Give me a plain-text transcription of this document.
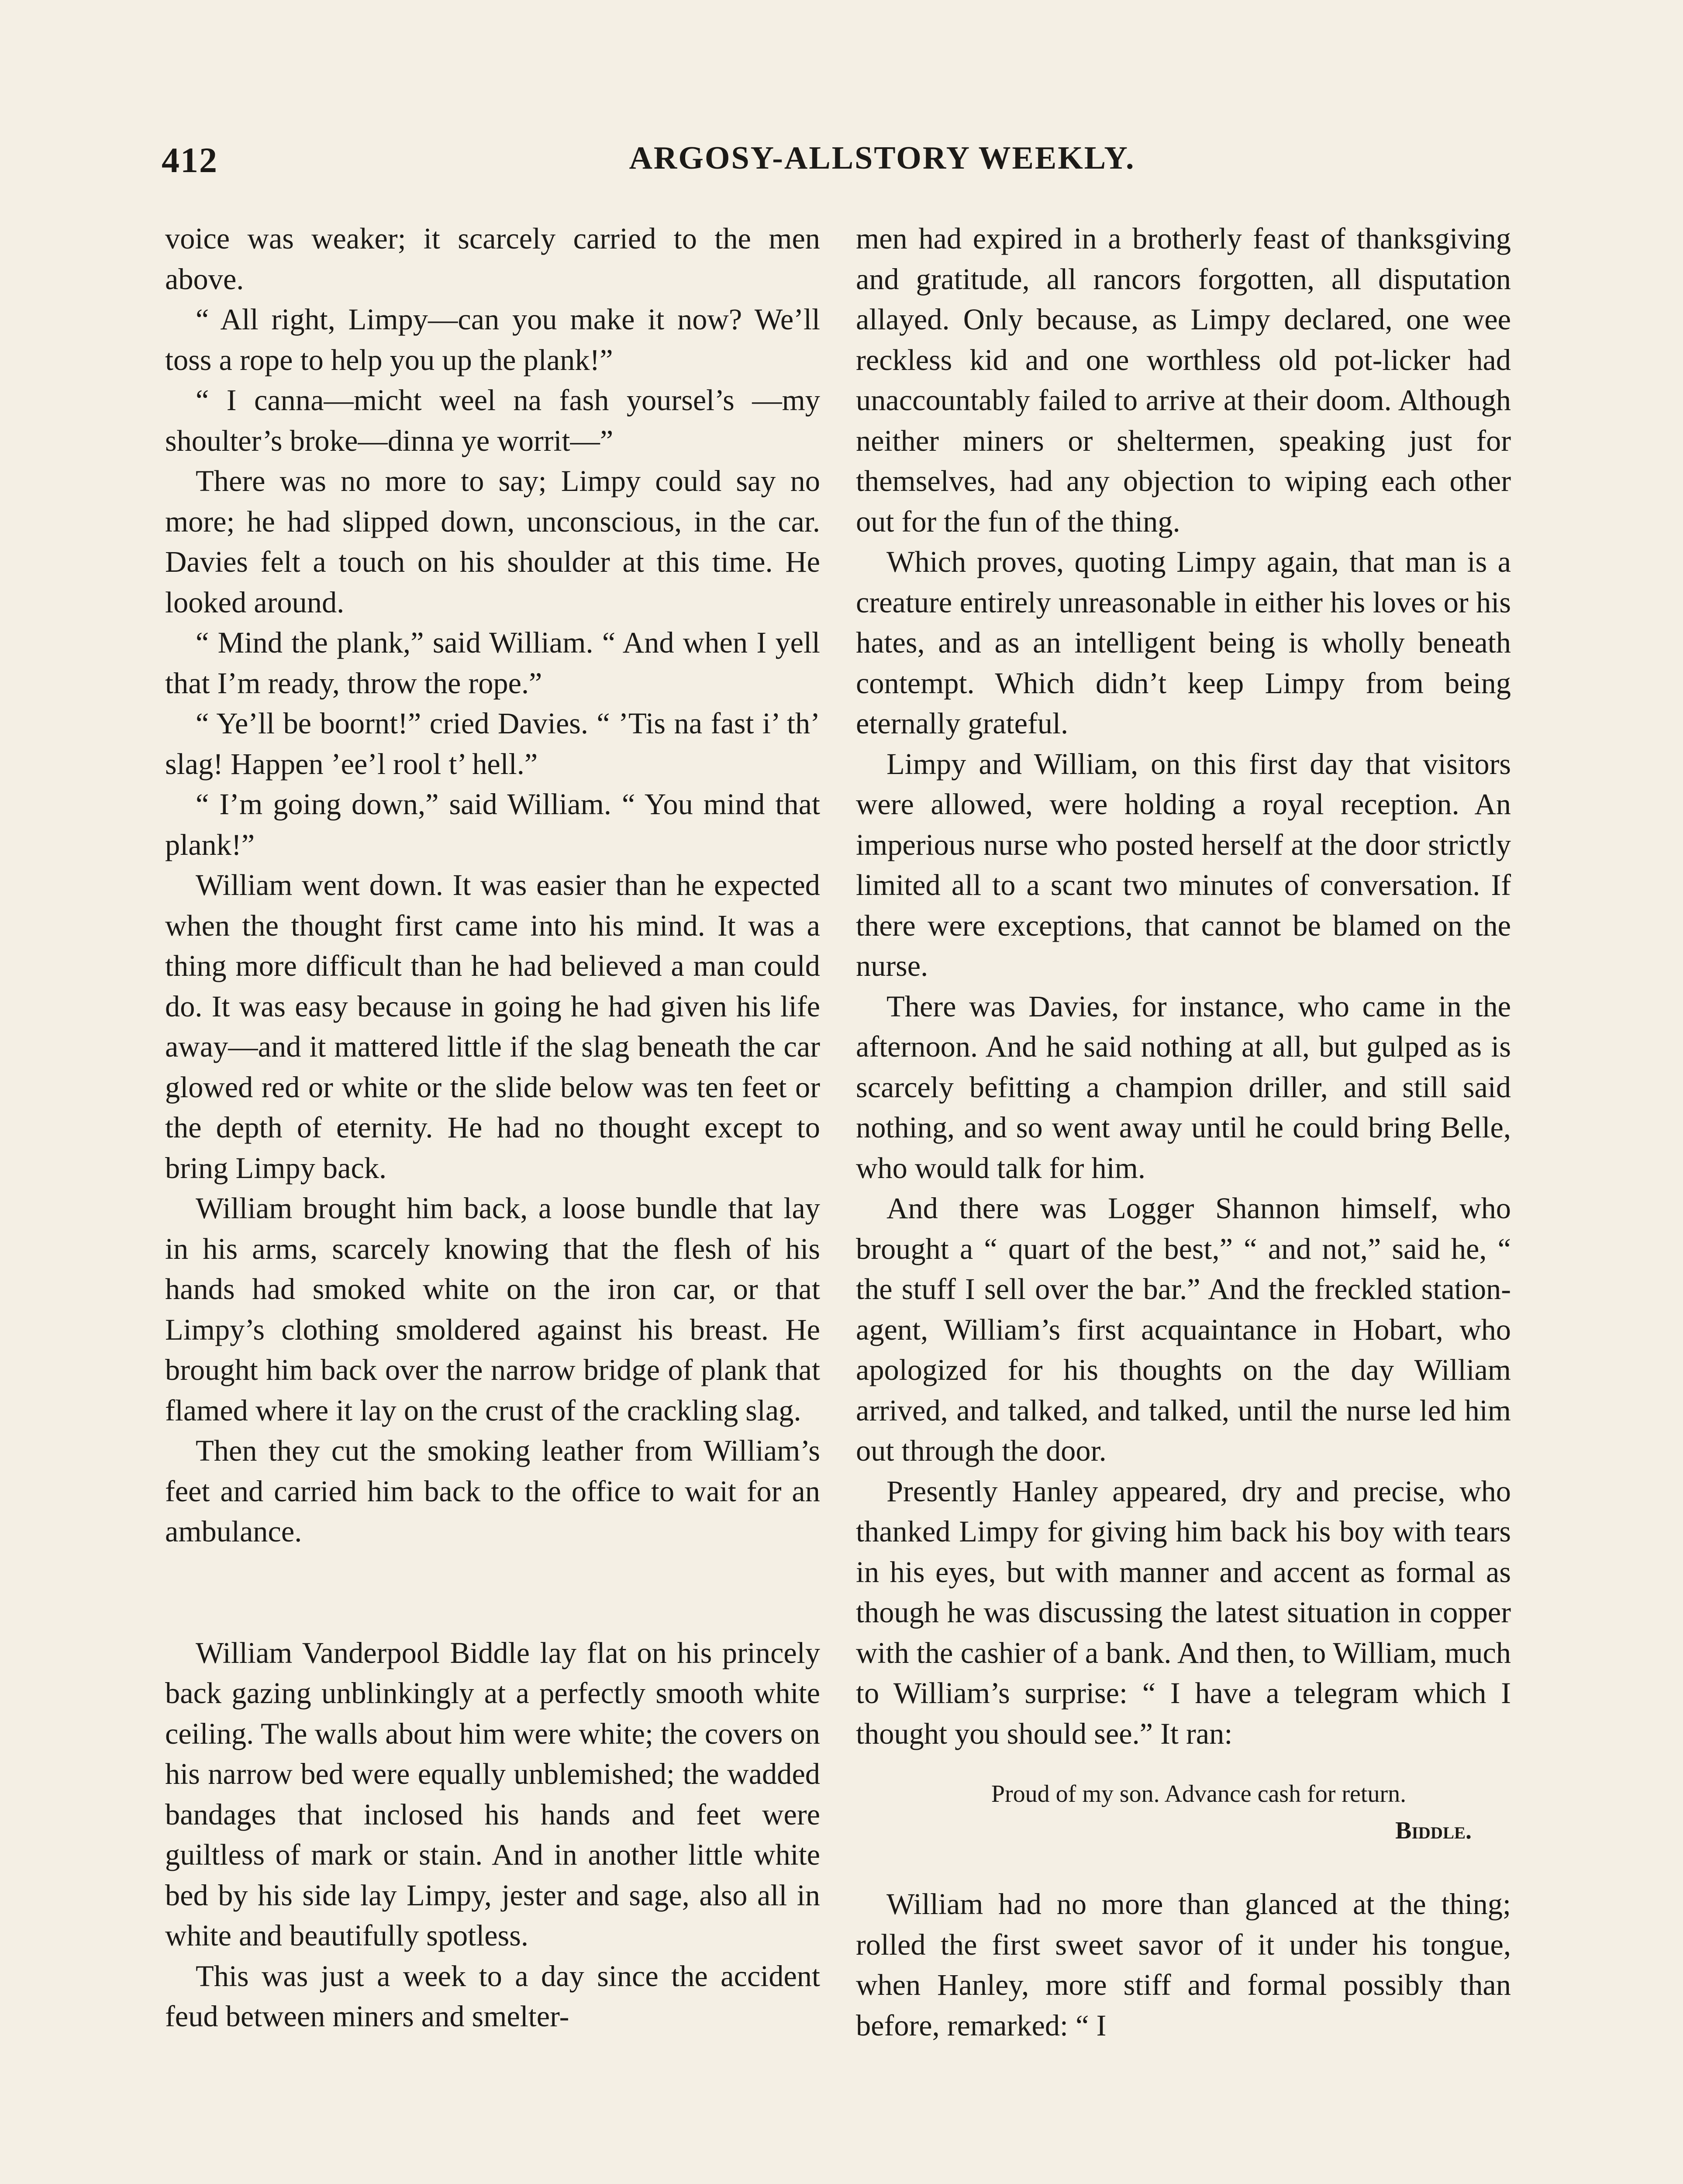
412	ARGOSY-ALLSTORY WEEKLY.

voice was weaker; it scarcely carried to the men above.

“ All right, Limpy—can you make it now? We’ll toss a rope to help you up the plank!”

“ I canna—micht weel na fash yoursel’s —my shoulter’s broke—dinna ye worrit—”

There was no more to say; Limpy could say no more; he had slipped down, unconscious, in the car. Davies felt a touch on his shoulder at this time. He looked around.

“ Mind the plank,” said William. “ And when I yell that I’m ready, throw the rope.”

“ Ye’ll be boornt!” cried Davies. “ ’Tis na fast i’ th’ slag! Happen ’ee’l rool t’ hell.”

“ I’m going down,” said William. “ You mind that plank!”

William went down. It was easier than he expected when the thought first came into his mind. It was a thing more difficult than he had believed a man could do. It was easy because in going he had given his life away—and it mattered little if the slag beneath the car glowed red or white or the slide below was ten feet or the depth of eternity. He had no thought except to bring Limpy back.

William brought him back, a loose bundle that lay in his arms, scarcely knowing that the flesh of his hands had smoked white on the iron car, or that Limpy’s clothing smoldered against his breast. He brought him back over the narrow bridge of plank that flamed where it lay on the crust of the crackling slag.

Then they cut the smoking leather from William’s feet and carried him back to the office to wait for an ambulance.

William Vanderpool Biddle lay flat on his princely back gazing unblinkingly at a perfectly smooth white ceiling. The walls about him were white; the covers on his narrow bed were equally unblemished; the wadded bandages that inclosed his hands and feet were guiltless of mark or stain. And in another little white bed by his side lay Limpy, jester and sage, also all in white and beautifully spotless.

This was just a week to a day since the accident feud between miners and smelter-

men had expired in a brotherly feast of thanksgiving and gratitude, all rancors forgotten, all disputation allayed. Only because, as Limpy declared, one wee reckless kid and one worthless old pot-licker had unaccountably failed to arrive at their doom. Although neither miners or sheltermen, speaking just for themselves, had any objection to wiping each other out for the fun of the thing.

Which proves, quoting Limpy again, that man is a creature entirely unreasonable in either his loves or his hates, and as an intelligent being is wholly beneath contempt. Which didn’t keep Limpy from being eternally grateful.

Limpy and William, on this first day that visitors were allowed, were holding a royal reception. An imperious nurse who posted herself at the door strictly limited all to a scant two minutes of conversation. If there were exceptions, that cannot be blamed on the nurse.

There was Davies, for instance, who came in the afternoon. And he said nothing at all, but gulped as is scarcely befitting a champion driller, and still said nothing, and so went away until he could bring Belle, who would talk for him.

And there was Logger Shannon himself, who brought a “ quart of the best,” “ and not,” said he, “ the stuff I sell over the bar.” And the freckled station-agent, William’s first acquaintance in Hobart, who apologized for his thoughts on the day William arrived, and talked, and talked, until the nurse led him out through the door.

Presently Hanley appeared, dry and precise, who thanked Limpy for giving him back his boy with tears in his eyes, but with manner and accent as formal as though he was discussing the latest situation in copper with the cashier of a bank. And then, to William, much to William’s surprise: “ I have a telegram which I thought you should see.” It ran:

Proud of my son. Advance cash for return.
Biddle.

William had no more than glanced at the thing; rolled the first sweet savor of it under his tongue, when Hanley, more stiff and formal possibly than before, remarked: “ I
